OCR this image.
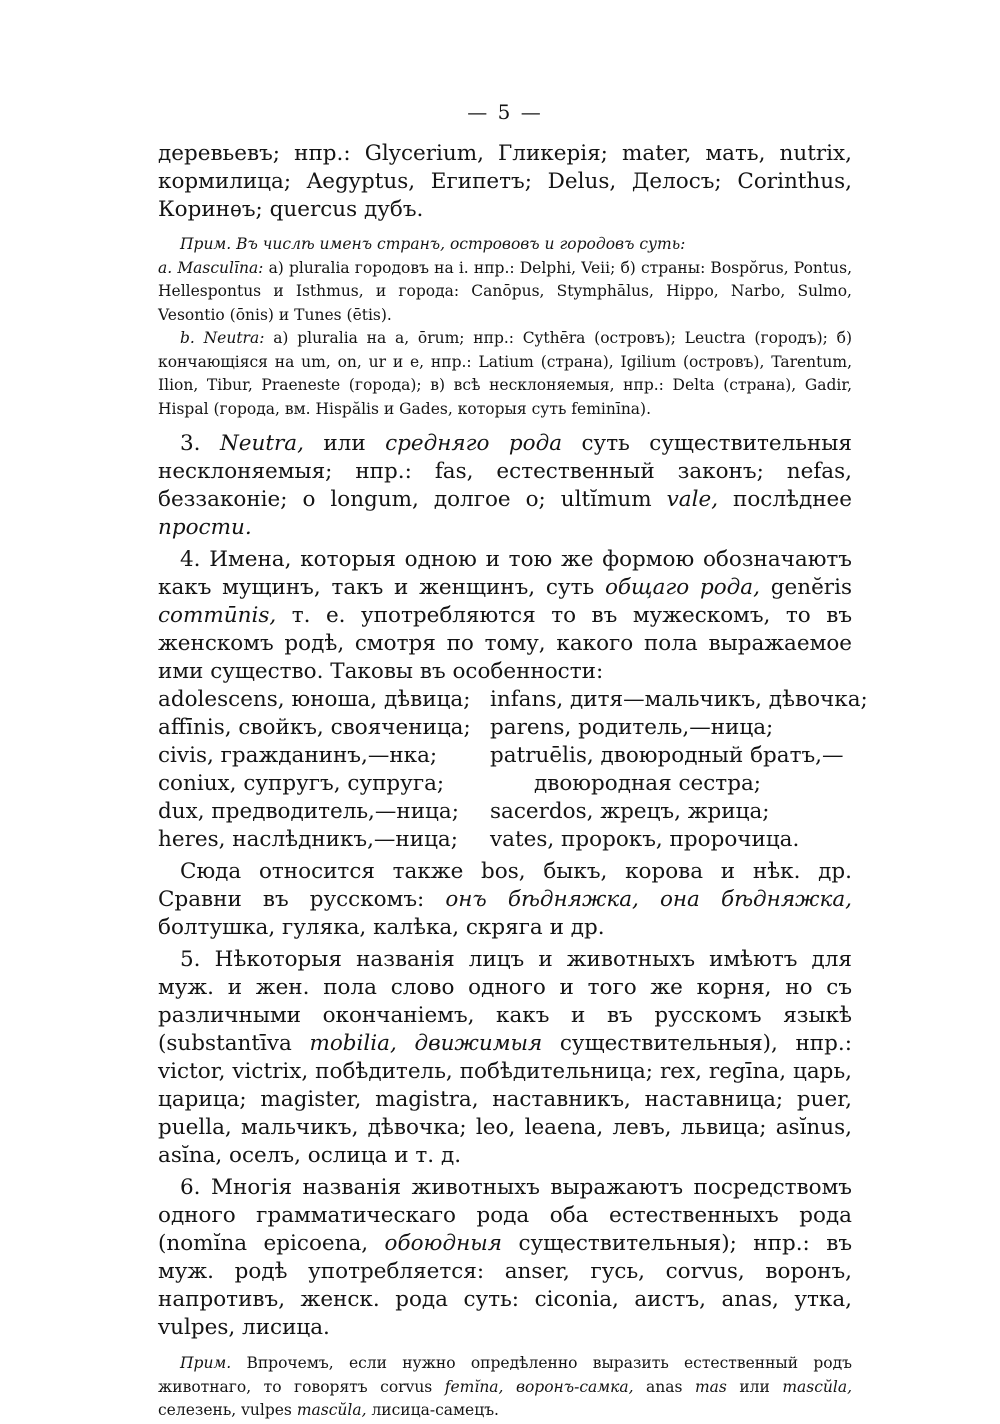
— 5 —

деревьевъ; нпр.: Glycerium, Гликерія; mater, мать, nutrix, кормилица; Aegyptus, Египетъ; Delus, Делосъ; Corinthus, Коринѳъ; quercus дубъ.

Прим. Въ числѣ именъ странъ, острововъ и городовъ суть:

a. Masculīna: а) pluralia городовъ на i. нпр.: Delphi, Veii; б) страны: Bospŏrus, Pontus, Hellespontus и Isthmus, и города: Canōpus, Stymphālus, Hippo, Narbo, Sulmo, Vesontio (ōnis) и Tunes (ētis).

b. Neutra: а) pluralia на a, ōrum; нпр.: Cythēra (островъ); Leuctra (городъ); б) кончающіяся на um, on, ur и e, нпр.: Latium (страна), Igilium (островъ), Tarentum, Ilion, Tibur, Praeneste (города); в) всѣ несклоняемыя, нпр.: Delta (страна), Gadir, Hispal (города, вм. Hispălis и Gades, которыя суть feminīna).

3. Neutra, или средняго рода суть существительныя несклоняемыя; нпр.: fas, естественный законъ; nefas, беззаконіе; o longum, долгое о; ultĭmum vale, послѣднее прости.

4. Имена, которыя одною и тою же формою обозначаютъ какъ мущинъ, такъ и женщинъ, суть общаго рода, genĕris commūnis, т. е. употребляются то въ мужескомъ, то въ женскомъ родѣ, смотря по тому, какого пола выражаемое ими существо. Таковы въ особенности:

adolescens, юноша, дѣвица; infans, дитя—мальчикъ, дѣвочка;
affīnis, свойкъ, свояченица; parens, родитель,—ница;
civis, гражданинъ,—нка;	patruēlis, двоюродный братъ,—
coniux, супругъ, супруга;	двоюродная сестра;
dux, предводитель,—ница;	sacerdos, жрецъ, жрица;
heres, наслѣдникъ,—ница;	vates, пророкъ, пророчица.

Сюда относится также bos, быкъ, корова и нѣк. др. Сравни въ русскомъ: онъ бѣдняжка, она бѣдняжка, болтушка, гуляка, калѣка, скряга и др.

5. Нѣкоторыя названія лицъ и животныхъ имѣютъ для муж. и жен. пола слово одного и того же корня, но съ различными окончаніемъ, какъ и въ русскомъ языкѣ (substantīva mobilia, движимыя существительныя), нпр.: victor, victrix, побѣдитель, побѣдительница; rex, regīna, царь, царица; magister, magistra, наставникъ, наставница; puer, puella, мальчикъ, дѣвочка; leo, leaena, левъ, львица; asĭnus, asĭna, оселъ, ослица и т. д.

6. Многія названія животныхъ выражаютъ посредствомъ одного грамматическаго рода оба естественныхъ рода (nomĭna epicoena, обоюдныя существительныя); нпр.: въ муж. родѣ употребляется: anser, гусь, corvus, воронъ, напротивъ, женск. рода суть: ciconia, аистъ, anas, утка, vulpes, лисица.

Прим. Впрочемъ, если нужно опредѣленно выразить естественный родъ животнаго, то говорятъ corvus femĭna, воронъ-самка, anas mas или mascŭla, селезень, vulpes mascŭla, лисица-самецъ.
